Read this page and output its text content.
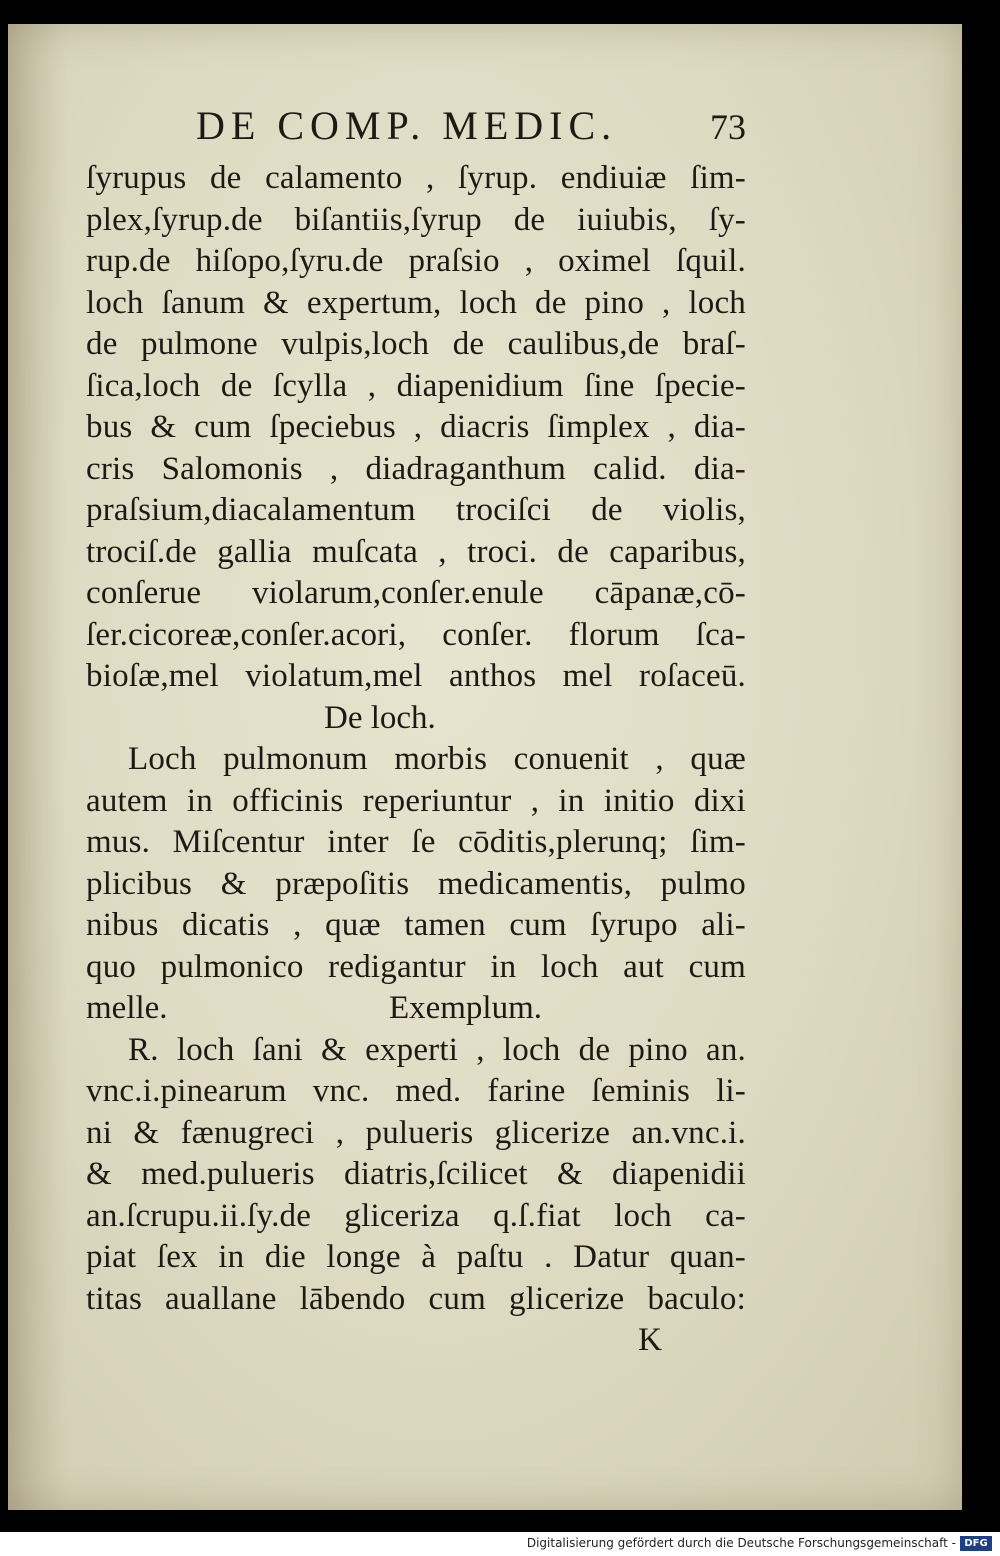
DE COMP. MEDIC.	73
ſyrupus de calamento , ſyrup. endiuiæ ſim-
plex,ſyrup.de biſantiis,ſyrup de iuiubis, ſy-
rup.de hiſopo,ſyru.de praſsio , oximel ſquil.
loch ſanum & expertum, loch de pino , loch
de pulmone vulpis,loch de caulibus,de braſ-
ſica,loch de ſcylla , diapenidium ſine ſpecie-
bus & cum ſpeciebus , diacris ſimplex , dia-
cris Salomonis , diadraganthum calid. dia-
praſsium,diacalamentum trociſci de violis,
trociſ.de gallia muſcata , troci. de caparibus,
conſerue violarum,conſer.enule cāpanæ,cō-
ſer.cicoreæ,conſer.acori, conſer. florum ſca-
bioſæ,mel violatum,mel anthos mel roſaceū.
De loch.
Loch pulmonum morbis conuenit , quæ
autem in officinis reperiuntur , in initio dixi
mus. Miſcentur inter ſe cōditis,plerunq; ſim-
plicibus & præpoſitis medicamentis, pulmo
nibus dicatis , quæ tamen cum ſyrupo ali-
quo pulmonico redigantur in loch aut cum
melle.	Exemplum.
R. loch ſani & experti , loch de pino an.
vnc.i.pinearum vnc. med. farine ſeminis li-
ni & fænugreci , pulueris glicerize an.vnc.i.
& med.pulueris diatris,ſcilicet & diapenidii
an.ſcrupu.ii.ſy.de gliceriza q.ſ.fiat loch ca-
piat ſex in die longe à paſtu . Datur quan-
titas auallane lābendo cum glicerize baculo:
K
Digitalisierung gefördert durch die Deutsche Forschungsgemeinschaft - DFG
